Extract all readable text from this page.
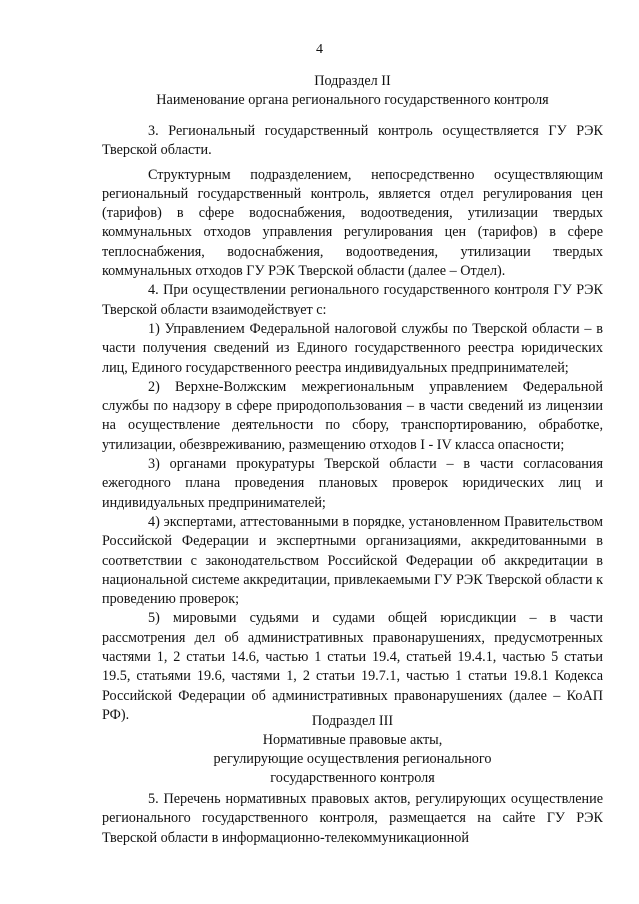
4
Подраздел II
Наименование органа регионального государственного контроля

3. Региональный государственный контроль осуществляется ГУ РЭК Тверской области.

Структурным подразделением, непосредственно осуществляющим региональный государственный контроль, является отдел регулирования цен (тарифов) в сфере водоснабжения, водоотведения, утилизации твердых коммунальных отходов управления регулирования цен (тарифов) в сфере теплоснабжения, водоснабжения, водоотведения, утилизации твердых коммунальных отходов ГУ РЭК Тверской области (далее – Отдел).

4. При осуществлении регионального государственного контроля ГУ РЭК Тверской области взаимодействует с:

1) Управлением Федеральной налоговой службы по Тверской области – в части получения сведений из Единого государственного реестра юридических лиц, Единого государственного реестра индивидуальных предпринимателей;

2) Верхне-Волжским межрегиональным управлением Федеральной службы по надзору в сфере природопользования – в части сведений из лицензии на осуществление деятельности по сбору, транспортированию, обработке, утилизации, обезвреживанию, размещению отходов I - IV класса опасности;

3) органами прокуратуры Тверской области – в части согласования ежегодного плана проведения плановых проверок юридических лиц и индивидуальных предпринимателей;

4) экспертами, аттестованными в порядке, установленном Правительством Российской Федерации и экспертными организациями, аккредитованными в соответствии с законодательством Российской Федерации об аккредитации в национальной системе аккредитации, привлекаемыми ГУ РЭК Тверской области к проведению проверок;

5) мировыми судьями и судами общей юрисдикции – в части рассмотрения дел об административных правонарушениях, предусмотренных частями 1, 2 статьи 14.6, частью 1 статьи 19.4, статьей 19.4.1, частью 5 статьи 19.5, статьями 19.6, частями 1, 2 статьи 19.7.1, частью 1 статьи 19.8.1 Кодекса Российской Федерации об административных правонарушениях (далее – КоАП РФ).	Подраздел III
Нормативные правовые акты,
регулирующие осуществления регионального
государственного контроля

5. Перечень нормативных правовых актов, регулирующих осуществление регионального государственного контроля, размещается на сайте ГУ РЭК Тверской области в информационно-телекоммуникационной
